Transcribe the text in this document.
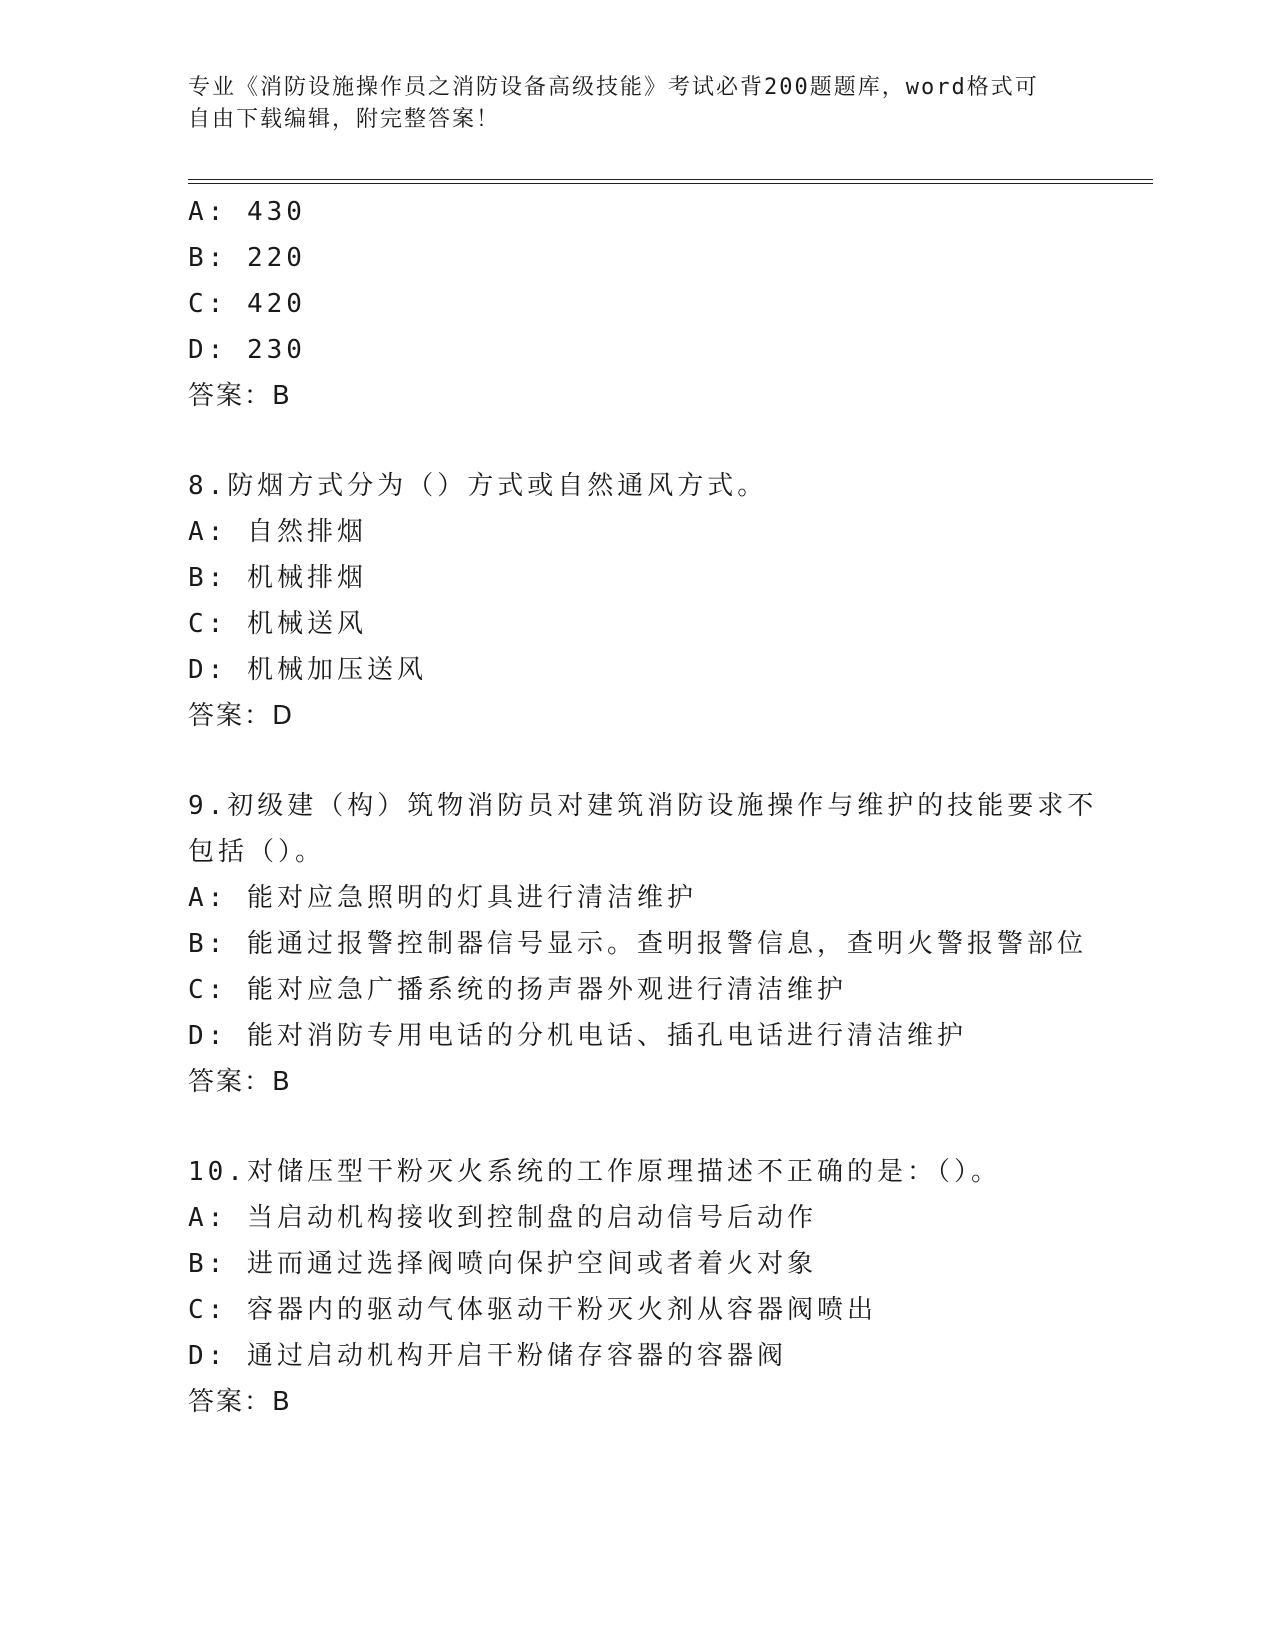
专业《消防设施操作员之消防设备高级技能》考试必背200题题库，word格式可
自由下载编辑，附完整答案！
A: 430
B: 220
C: 420
D: 230
答案：B
8.防烟方式分为（）方式或自然通风方式。
A: 自然排烟
B: 机械排烟
C: 机械送风
D: 机械加压送风
答案：D
9.初级建（构）筑物消防员对建筑消防设施操作与维护的技能要求不
包括（）。
A: 能对应急照明的灯具进行清洁维护
B: 能通过报警控制器信号显示。查明报警信息，查明火警报警部位
C: 能对应急广播系统的扬声器外观进行清洁维护
D: 能对消防专用电话的分机电话、插孔电话进行清洁维护
答案：B
10.对储压型干粉灭火系统的工作原理描述不正确的是：（）。
A: 当启动机构接收到控制盘的启动信号后动作
B: 进而通过选择阀喷向保护空间或者着火对象
C: 容器内的驱动气体驱动干粉灭火剂从容器阀喷出
D: 通过启动机构开启干粉储存容器的容器阀
答案：B
